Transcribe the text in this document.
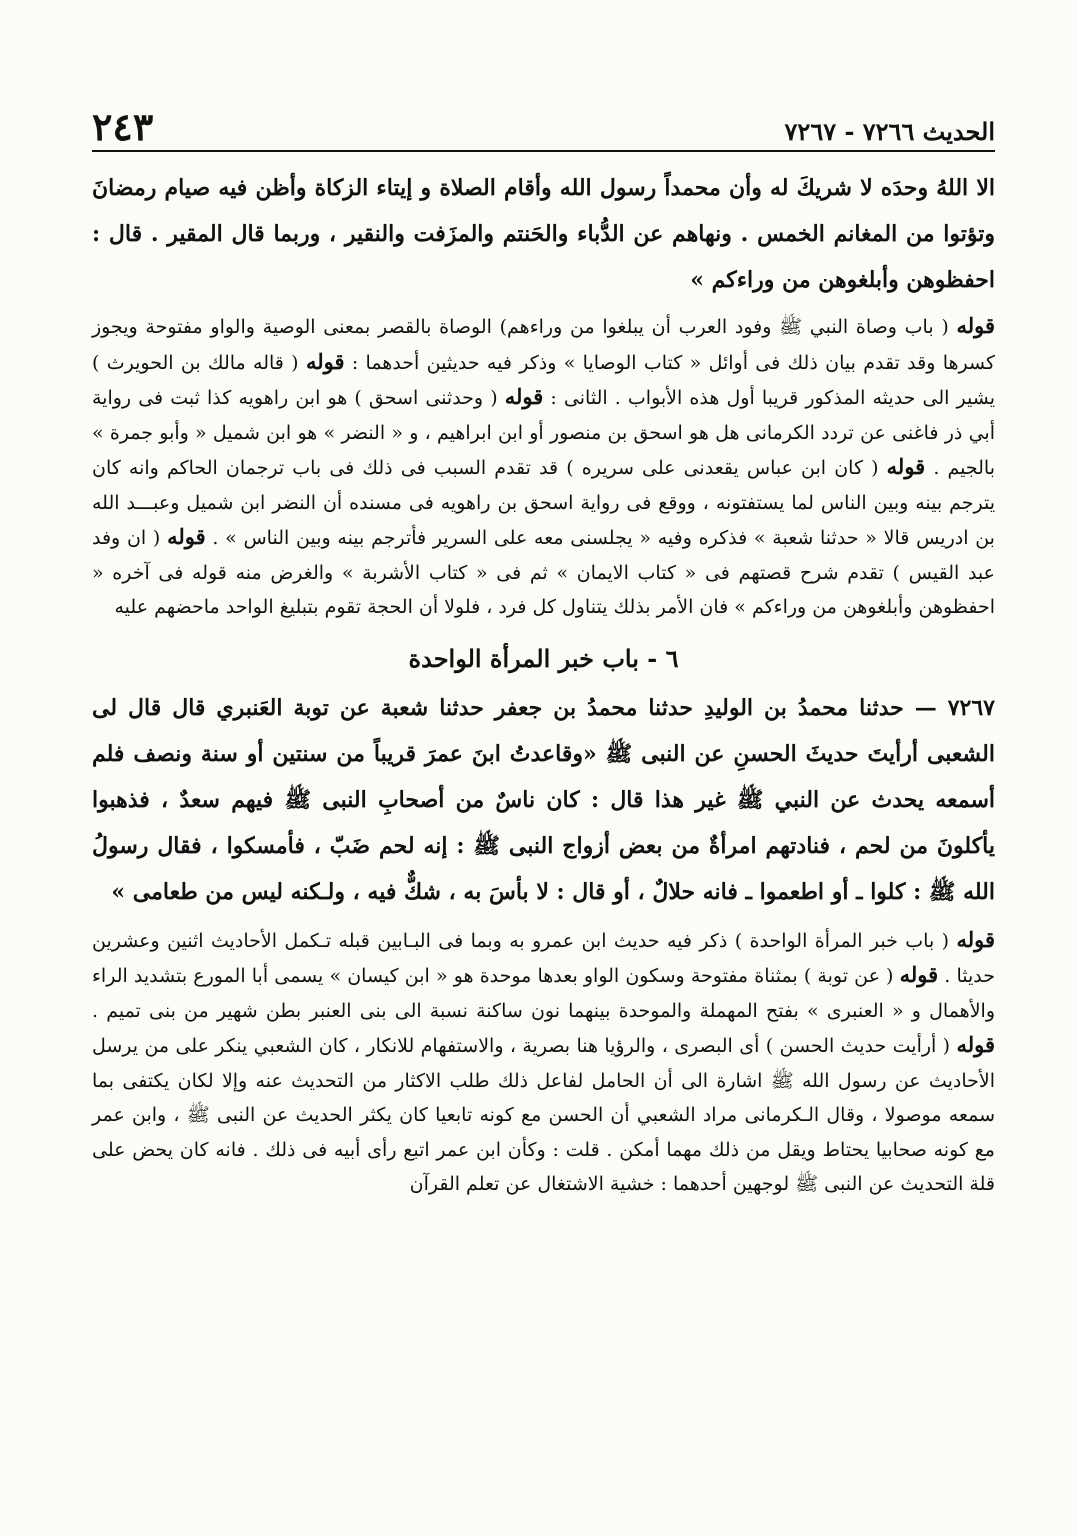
٢٤٣	الحديث ٧٢٦٦ - ٧٢٦٧

الا اللهُ وحدَه لا شريكَ له وأن محمداً رسول الله وأقام الصلاة و إيتاء الزكاة وأظن فيه صيام رمضانَ وتؤتوا من المغانم الخمس . ونهاهم عن الدُّباء والحَنتم والمزَفت والنقير ، وربما قال المقير . قال : احفظوهن وأبلغوهن من وراءكم »

قوله ( باب وصاة النبي ﷺ وفود العرب أن يبلغوا من وراءهم) الوصاة بالقصر بمعنى الوصية والواو مفتوحة ويجوز كسرها وقد تقدم بيان ذلك فى أوائل « كتاب الوصايا » وذكر فيه حديثين أحدهما : قوله ( قاله مالك بن الحويرث ) يشير الى حديثه المذكور قريبا أول هذه الأبواب . الثانى : قوله ( وحدثنى اسحق ) هو ابن راهويه كذا ثبت فى رواية أبي ذر فاغنى عن تردد الكرمانى هل هو اسحق بن منصور أو ابن ابراهيم ، و « النضر » هو ابن شميل « وأبو جمرة » بالجيم . قوله ( كان ابن عباس يقعدنى على سريره ) قد تقدم السبب فى ذلك فى باب ترجمان الحاكم وانه كان يترجم بينه وبين الناس لما يستفتونه ، ووقع فى رواية اسحق بن راهويه فى مسنده أن النضر ابن شميل وعبـــد الله بن ادريس قالا « حدثنا شعبة » فذكره وفيه « يجلسنى معه على السرير فأترجم بينه وبين الناس » . قوله ( ان وفد عبد القيس ) تقدم شرح قصتهم فى « كتاب الايمان » ثم فى « كتاب الأشربة » والغرض منه قوله فى آخره « احفظوهن وأبلغوهن من وراءكم » فان الأمر بذلك يتناول كل فرد ، فلولا أن الحجة تقوم بتبليغ الواحد ماحضهم عليه

٦ - باب خبر المرأة الواحدة

٧٢٦٧ — حدثنا محمدُ بن الوليدِ حدثنا محمدُ بن جعفر حدثنا شعبة عن توبة العَنبري قال قال لى الشعبى أرأيتَ حديثَ الحسنِ عن النبى ﷺ «وقاعدتُ ابنَ عمرَ قريباً من سنتين أو سنة ونصف فلم أسمعه يحدث عن النبي ﷺ غير هذا قال : كان ناسٌ من أصحابِ النبى ﷺ فيهم سعدٌ ، فذهبوا يأكلونَ من لحم ، فنادتهم امرأةٌ من بعض أزواج النبى ﷺ : إنه لحم ضَبّ ، فأمسكوا ، فقال رسولُ الله ﷺ : كلوا ـ أو اطعموا ـ فانه حلالٌ ، أو قال : لا بأسَ به ، شكٌّ فيه ، ولـكنه ليس من طعامى »

قوله ( باب خبر المرأة الواحدة ) ذكر فيه حديث ابن عمرو به وبما فى البـابين قبله تـكمل الأحاديث اثنين وعشرين حديثا . قوله ( عن توبة ) بمثناة مفتوحة وسكون الواو بعدها موحدة هو « ابن كيسان » يسمى أبا المورع بتشديد الراء والأهمال و « العنبرى » بفتح المهملة والموحدة بينهما نون ساكنة نسبة الى بنى العنبر بطن شهير من بنى تميم . قوله ( أرأيت حديث الحسن ) أى البصرى ، والرؤيا هنا بصرية ، والاستفهام للانكار ، كان الشعبي ينكر على من يرسل الأحاديث عن رسول الله ﷺ اشارة الى أن الحامل لفاعل ذلك طلب الاكثار من التحديث عنه وإلا لكان يكتفى بما سمعه موصولا ، وقال الـكرمانى مراد الشعبي أن الحسن مع كونه تابعيا كان يكثر الحديث عن النبى ﷺ ، وابن عمر مع كونه صحابيا يحتاط ويقل من ذلك مهما أمكن . قلت : وكأن ابن عمر اتبع رأى أبيه فى ذلك . فانه كان يحض على قلة التحديث عن النبى ﷺ لوجهين أحدهما : خشية الاشتغال عن تعلم القرآن
